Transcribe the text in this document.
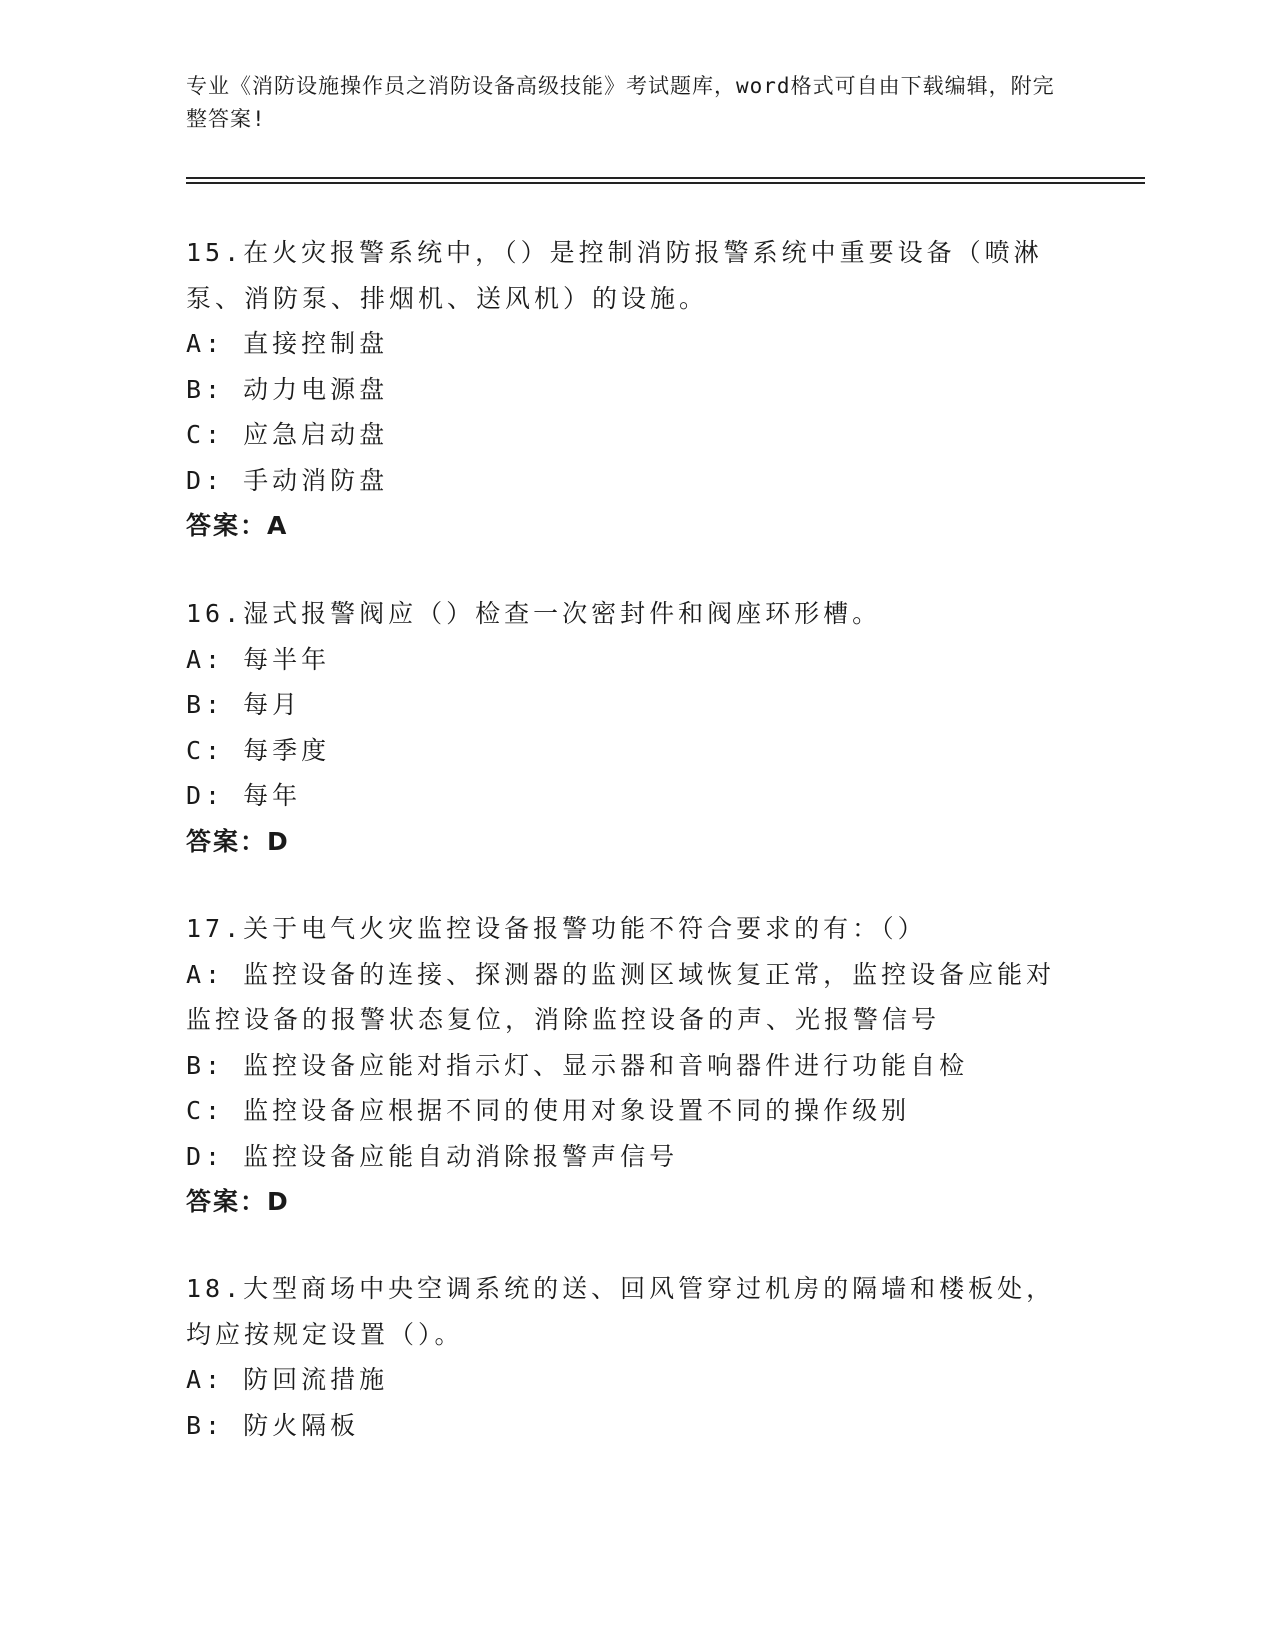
专业《消防设施操作员之消防设备高级技能》考试题库，word格式可自由下载编辑，附完整答案!
15.在火灾报警系统中，（）是控制消防报警系统中重要设备（喷淋泵、消防泵、排烟机、送风机）的设施。
A: 直接控制盘
B: 动力电源盘
C: 应急启动盘
D: 手动消防盘
答案：A
16.湿式报警阀应（）检查一次密封件和阀座环形槽。
A: 每半年
B: 每月
C: 每季度
D: 每年
答案：D
17.关于电气火灾监控设备报警功能不符合要求的有：（）
A: 监控设备的连接、探测器的监测区域恢复正常，监控设备应能对监控设备的报警状态复位，消除监控设备的声、光报警信号
B: 监控设备应能对指示灯、显示器和音响器件进行功能自检
C: 监控设备应根据不同的使用对象设置不同的操作级别
D: 监控设备应能自动消除报警声信号
答案：D
18.大型商场中央空调系统的送、回风管穿过机房的隔墙和楼板处，均应按规定设置（）。
A: 防回流措施
B: 防火隔板
